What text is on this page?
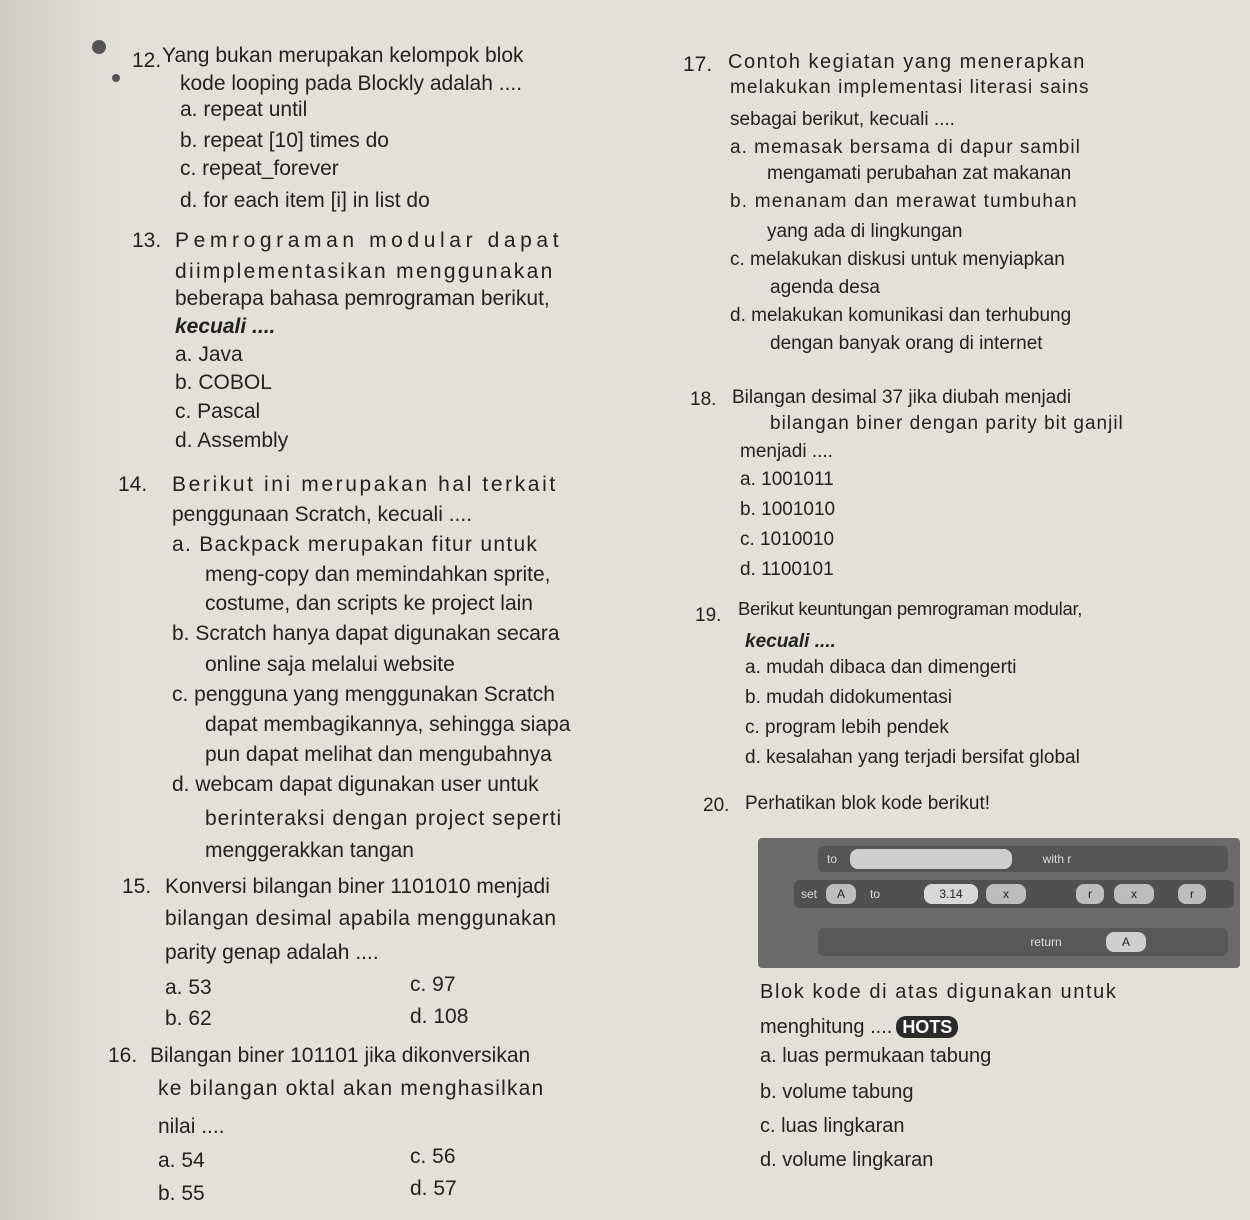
12. Yang bukan merupakan kelompok blok
kode looping pada Blockly adalah ....
a. repeat until
b. repeat [10] times do
c. repeat_forever
d. for each item [i] in list do
13. Pemrograman modular dapat
diimplementasikan menggunakan
beberapa bahasa pemrograman berikut,
kecuali ....
a. Java
b. COBOL
c. Pascal
d. Assembly
14. Berikut ini merupakan hal terkait
penggunaan Scratch, kecuali ....
a. Backpack merupakan fitur untuk
meng-copy dan memindahkan sprite,
costume, dan scripts ke project lain
b. Scratch hanya dapat digunakan secara
online saja melalui website
c. pengguna yang menggunakan Scratch
dapat membagikannya, sehingga siapa
pun dapat melihat dan mengubahnya
d. webcam dapat digunakan user untuk
berinteraksi dengan project seperti
menggerakkan tangan
15. Konversi bilangan biner 1101010 menjadi
bilangan desimal apabila menggunakan
parity genap adalah ....
a. 53
b. 62
c. 97
d. 108
16. Bilangan biner 101101 jika dikonversikan
ke bilangan oktal akan menghasilkan
nilai ....
a. 54
b. 55
c. 56
d. 57
17. Contoh kegiatan yang menerapkan
melakukan implementasi literasi sains
sebagai berikut, kecuali ....
a. memasak bersama di dapur sambil
mengamati perubahan zat makanan
b. menanam dan merawat tumbuhan
yang ada di lingkungan
c. melakukan diskusi untuk menyiapkan
agenda desa
d. melakukan komunikasi dan terhubung
dengan banyak orang di internet
18. Bilangan desimal 37 jika diubah menjadi
bilangan biner dengan parity bit ganjil
menjadi ....
a. 1001011
b. 1001010
c. 1010010
d. 1100101
19. Berikut keuntungan pemrograman modular,
kecuali ....
a. mudah dibaca dan dimengerti
b. mudah didokumentasi
c. program lebih pendek
d. kesalahan yang terjadi bersifat global
20. Perhatikan blok kode berikut!
to	with r
set	A	to	3.14	x	r	x	r
return	A
Blok kode di atas digunakan untuk
menghitung .... HOTS
a. luas permukaan tabung
b. volume tabung
c. luas lingkaran
d. volume lingkaran
